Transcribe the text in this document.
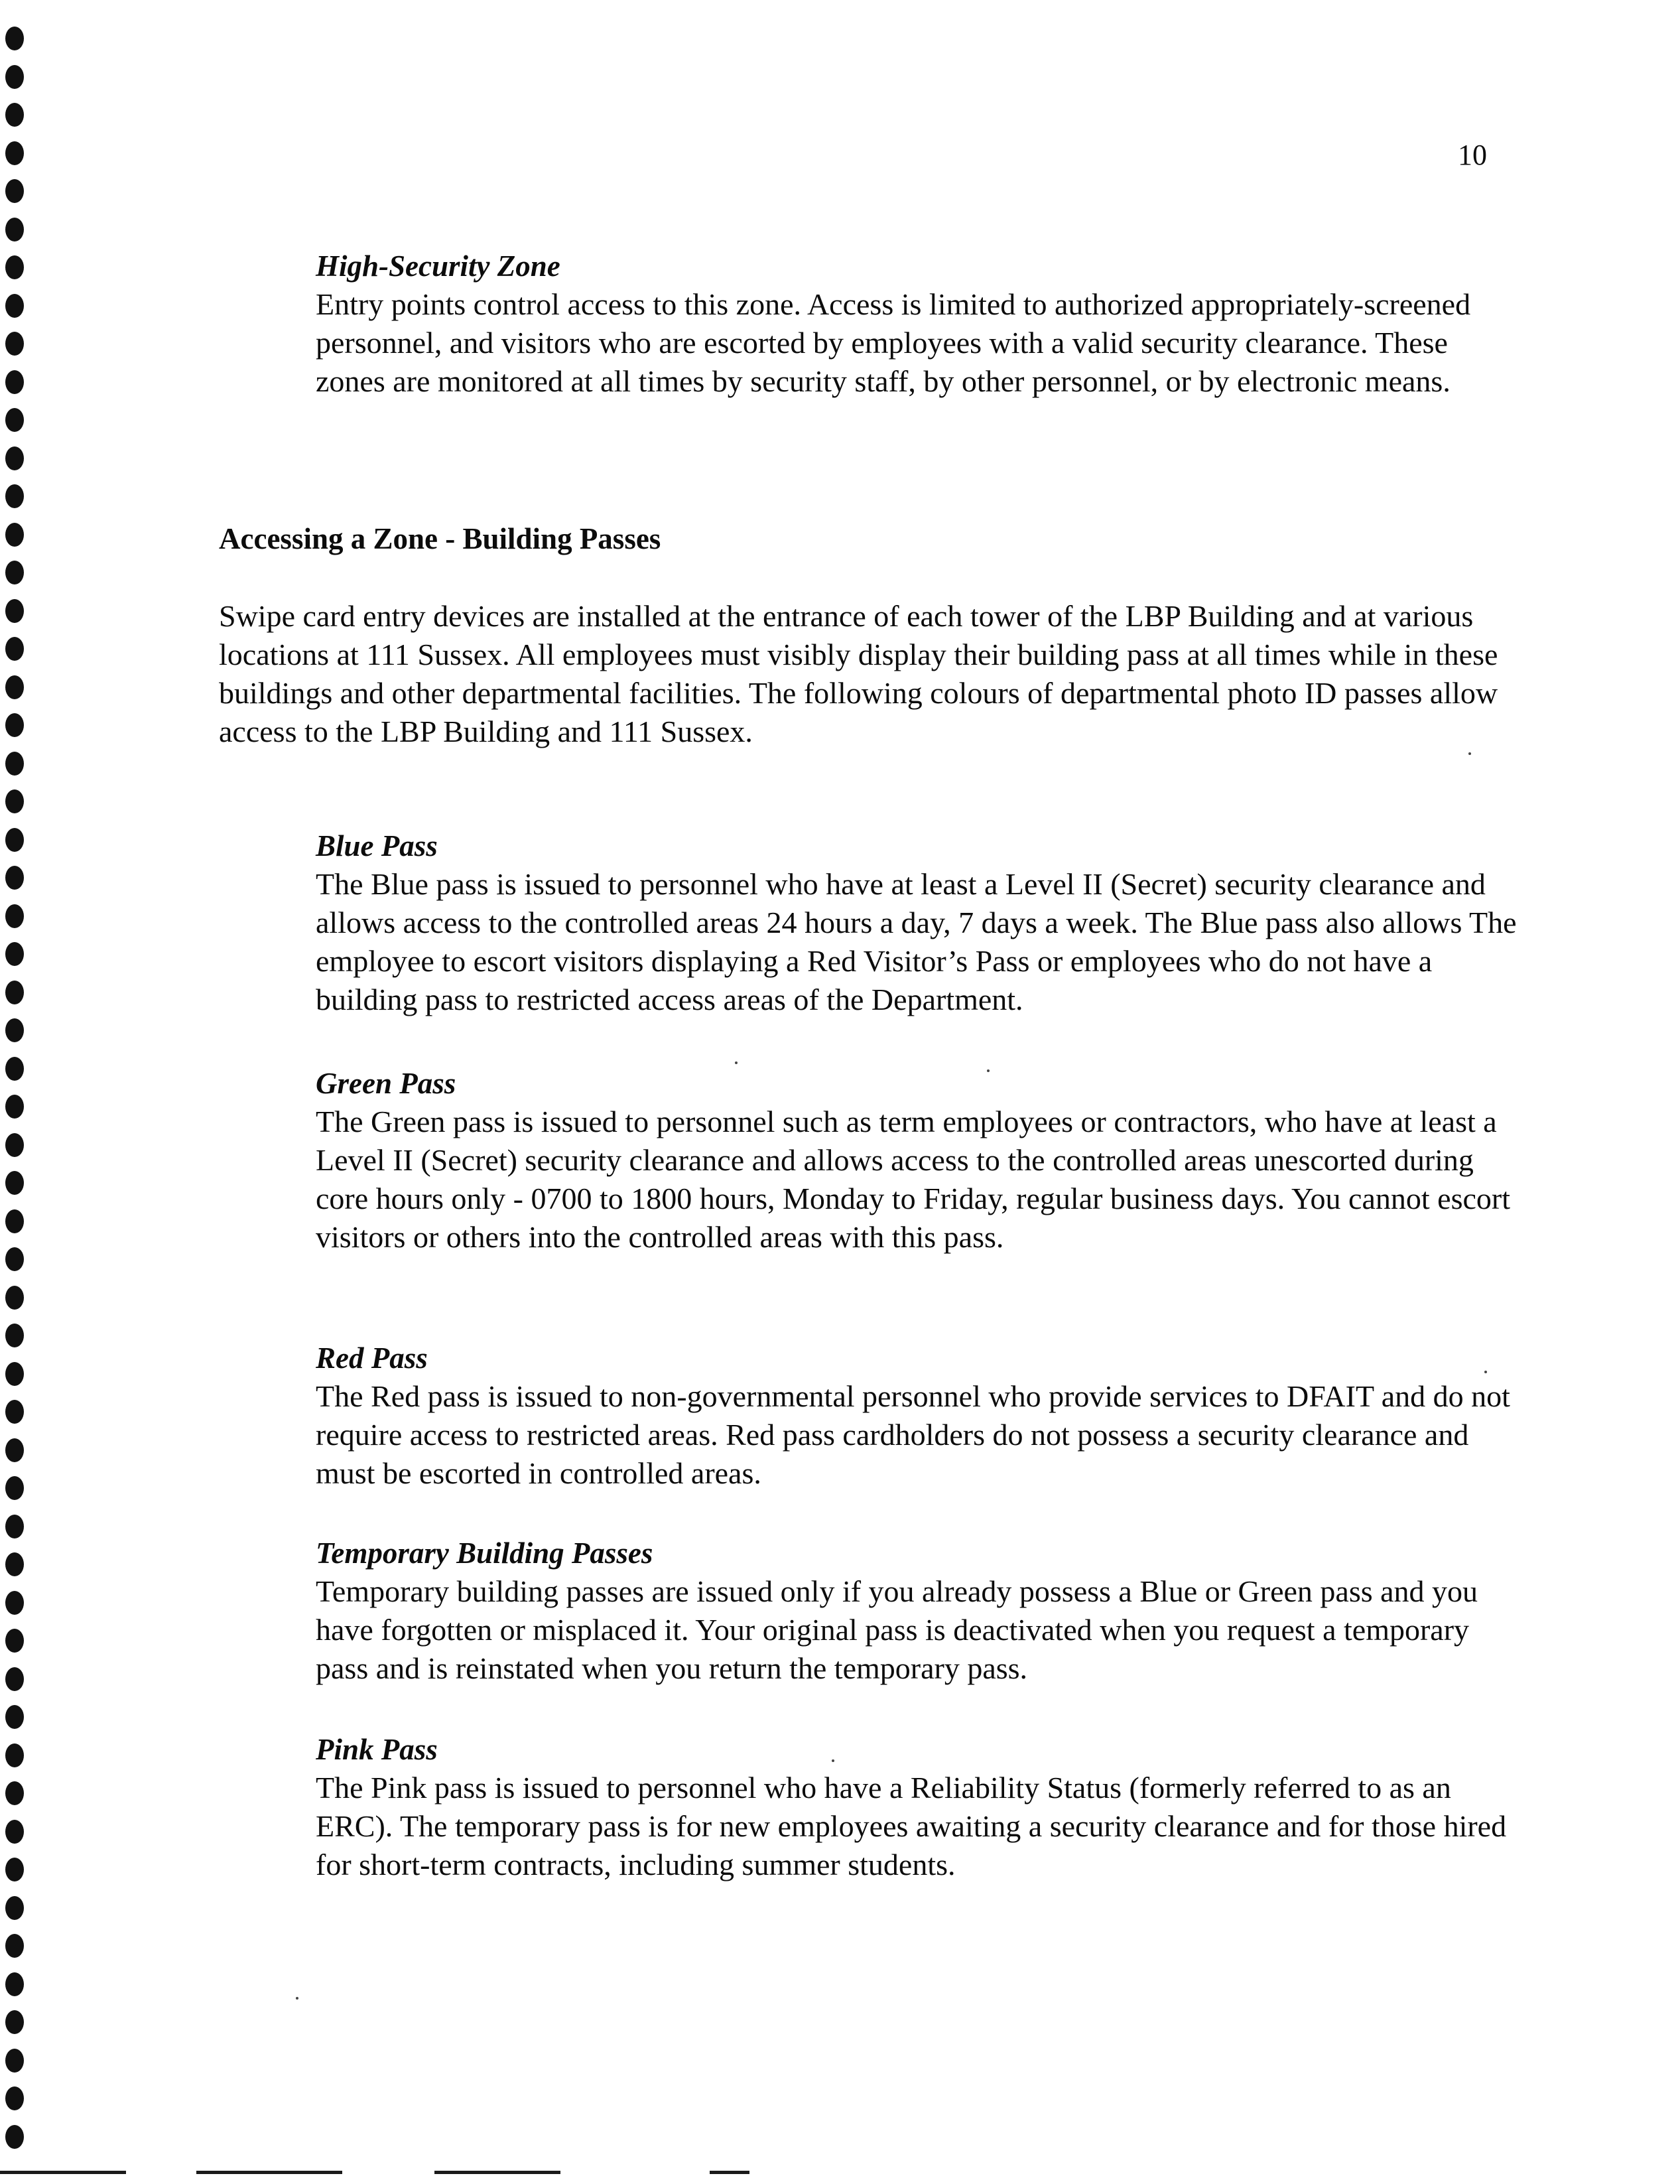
10
High-Security Zone
Entry points control access to this zone. Access is limited to authorized appropriately-screened personnel, and visitors who are escorted by employees with a valid security clearance. These zones are monitored at all times by security staff, by other personnel, or by electronic means.
Accessing a Zone - Building Passes
Swipe card entry devices are installed at the entrance of each tower of the LBP Building and at various locations at 111 Sussex. All employees must visibly display their building pass at all times while in these buildings and other departmental facilities. The following colours of departmental photo ID passes allow access to the LBP Building and 111 Sussex.
Blue Pass
The Blue pass is issued to personnel who have at least a Level II (Secret) security clearance and allows access to the controlled areas 24 hours a day, 7 days a week. The Blue pass also allows The employee to escort visitors displaying a Red Visitor’s Pass or employees who do not have a building pass to restricted access areas of the Department.
Green Pass
The Green pass is issued to personnel such as term employees or contractors, who have at least a Level II (Secret) security clearance and allows access to the controlled areas unescorted during core hours only - 0700 to 1800 hours, Monday to Friday, regular business days. You cannot escort visitors or others into the controlled areas with this pass.
Red Pass
The Red pass is issued to non-governmental personnel who provide services to DFAIT and do not require access to restricted areas. Red pass cardholders do not possess a security clearance and must be escorted in controlled areas.
Temporary Building Passes
Temporary building passes are issued only if you already possess a Blue or Green pass and you have forgotten or misplaced it. Your original pass is deactivated when you request a temporary pass and is reinstated when you return the temporary pass.
Pink Pass
The Pink pass is issued to personnel who have a Reliability Status (formerly referred to as an ERC). The temporary pass is for new employees awaiting a security clearance and for those hired for short-term contracts, including summer students.
